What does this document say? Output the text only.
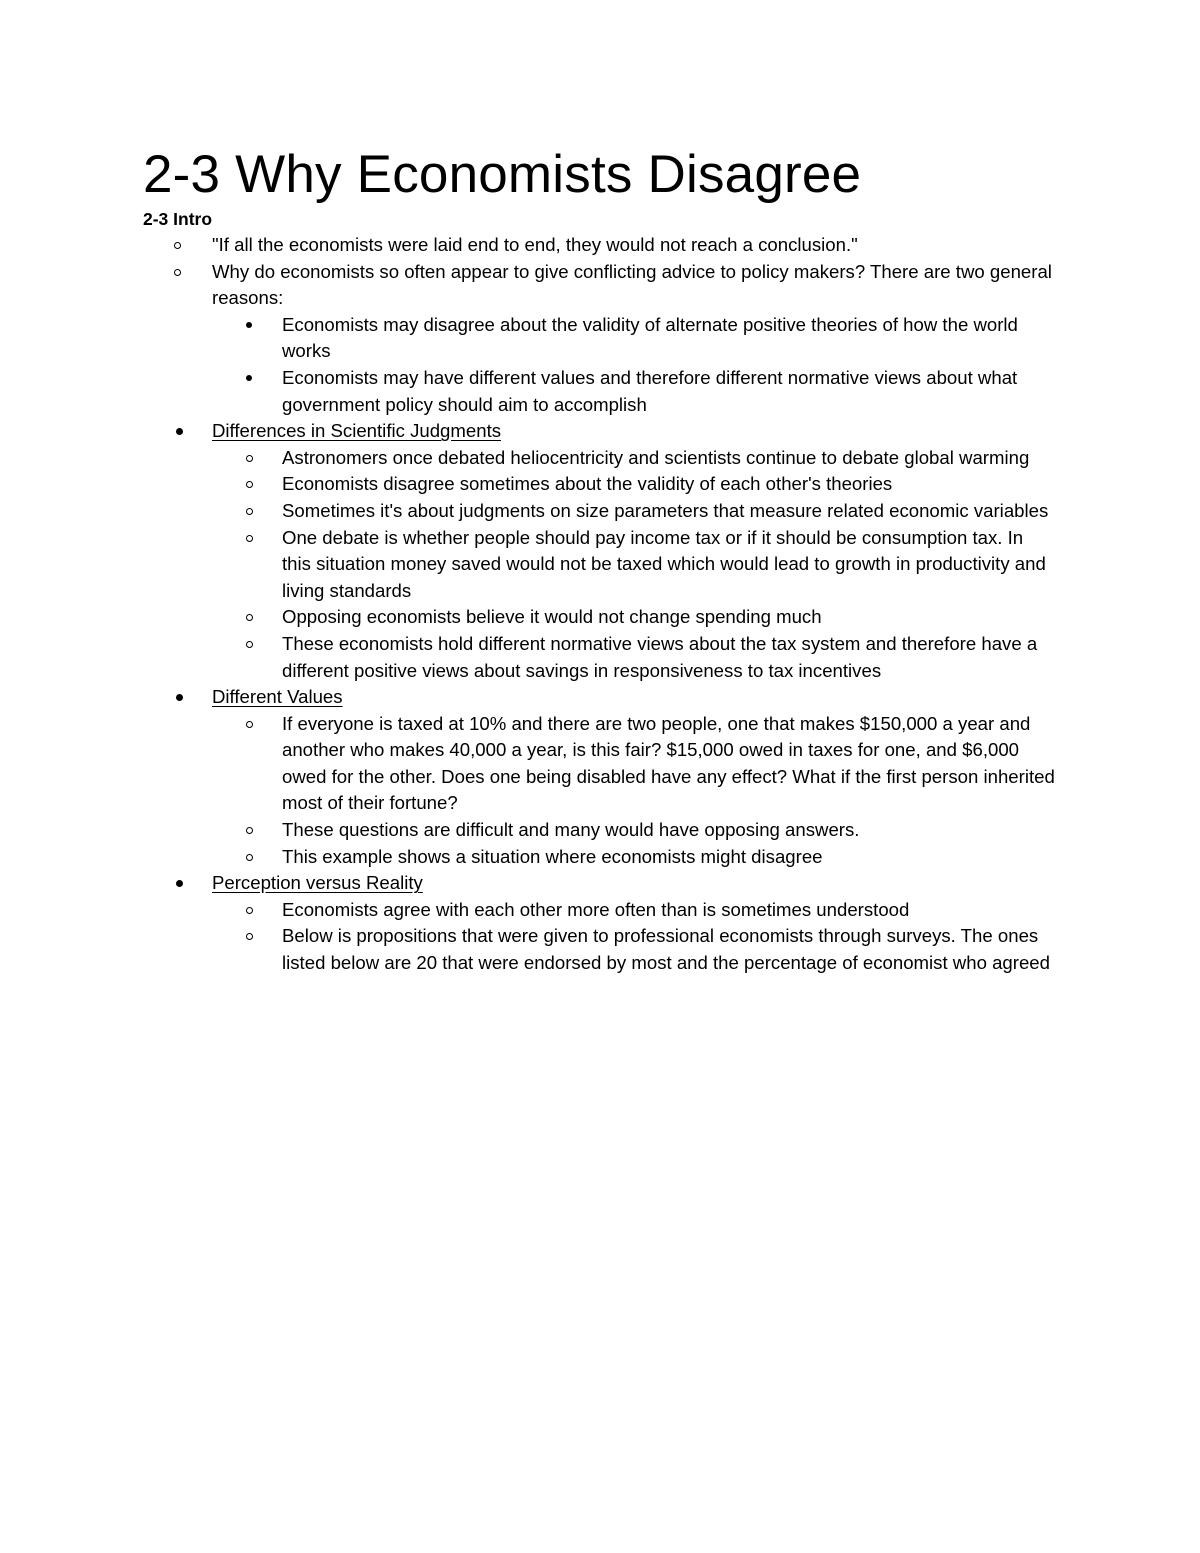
2-3 Why Economists Disagree
2-3 Intro
"If all the economists were laid end to end, they would not reach a conclusion."
Why do economists so often appear to give conflicting advice to policy makers? There are two general reasons:
Economists may disagree about the validity of alternate positive theories of how the world works
Economists may have different values and therefore different normative views about what government policy should aim to accomplish
Differences in Scientific Judgments
Astronomers once debated heliocentricity and scientists continue to debate global warming
Economists disagree sometimes about the validity of each other's theories
Sometimes it's about judgments on size parameters that measure related economic variables
One debate is whether people should pay income tax or if it should be consumption tax. In this situation money saved would not be taxed which would lead to growth in productivity and living standards
Opposing economists believe it would not change spending much
These economists hold different normative views about the tax system and therefore have a different positive views about savings in responsiveness to tax incentives
Different Values
If everyone is taxed at 10% and there are two people, one that makes $150,000 a year and another who makes 40,000 a year, is this fair? $15,000 owed in taxes for one, and $6,000 owed for the other. Does one being disabled have any effect? What if the first person inherited most of their fortune?
These questions are difficult and many would have opposing answers.
This example shows a situation where economists might disagree
Perception versus Reality
Economists agree with each other more often than is sometimes understood
Below is propositions that were given to professional economists through surveys. The ones listed below are 20 that were endorsed by most and the percentage of economist who agreed
